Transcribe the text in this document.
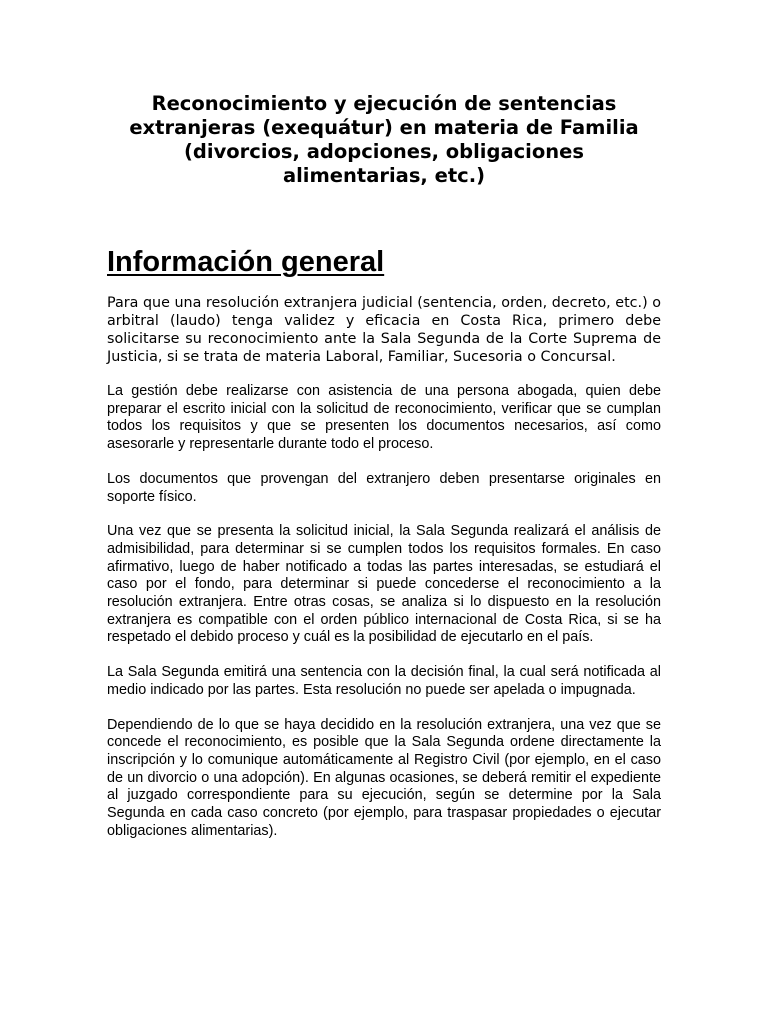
Reconocimiento y ejecución de sentencias extranjeras (exequátur) en materia de Familia (divorcios, adopciones, obligaciones alimentarias, etc.)
Información general

Para que una resolución extranjera judicial (sentencia, orden, decreto, etc.) o arbitral (laudo) tenga validez y eficacia en Costa Rica, primero debe solicitarse su reconocimiento ante la Sala Segunda de la Corte Suprema de Justicia, si se trata de materia Laboral, Familiar, Sucesoria o Concursal.

La gestión debe realizarse con asistencia de una persona abogada, quien debe preparar el escrito inicial con la solicitud de reconocimiento, verificar que se cumplan todos los requisitos y que se presenten los documentos necesarios, así como asesorarle y representarle durante todo el proceso.

Los documentos que provengan del extranjero deben presentarse originales en soporte físico.

Una vez que se presenta la solicitud inicial, la Sala Segunda realizará el análisis de admisibilidad, para determinar si se cumplen todos los requisitos formales. En caso afirmativo, luego de haber notificado a todas las partes interesadas, se estudiará el caso por el fondo, para determinar si puede concederse el reconocimiento a la resolución extranjera. Entre otras cosas, se analiza si lo dispuesto en la resolución extranjera es compatible con el orden público internacional de Costa Rica, si se ha respetado el debido proceso y cuál es la posibilidad de ejecutarlo en el país.

La Sala Segunda emitirá una sentencia con la decisión final, la cual será notificada al medio indicado por las partes. Esta resolución no puede ser apelada o impugnada.

Dependiendo de lo que se haya decidido en la resolución extranjera, una vez que se concede el reconocimiento, es posible que la Sala Segunda ordene directamente la inscripción y lo comunique automáticamente al Registro Civil (por ejemplo, en el caso de un divorcio o una adopción). En algunas ocasiones, se deberá remitir el expediente al juzgado correspondiente para su ejecución, según se determine por la Sala Segunda en cada caso concreto (por ejemplo, para traspasar propiedades o ejecutar obligaciones alimentarias).
